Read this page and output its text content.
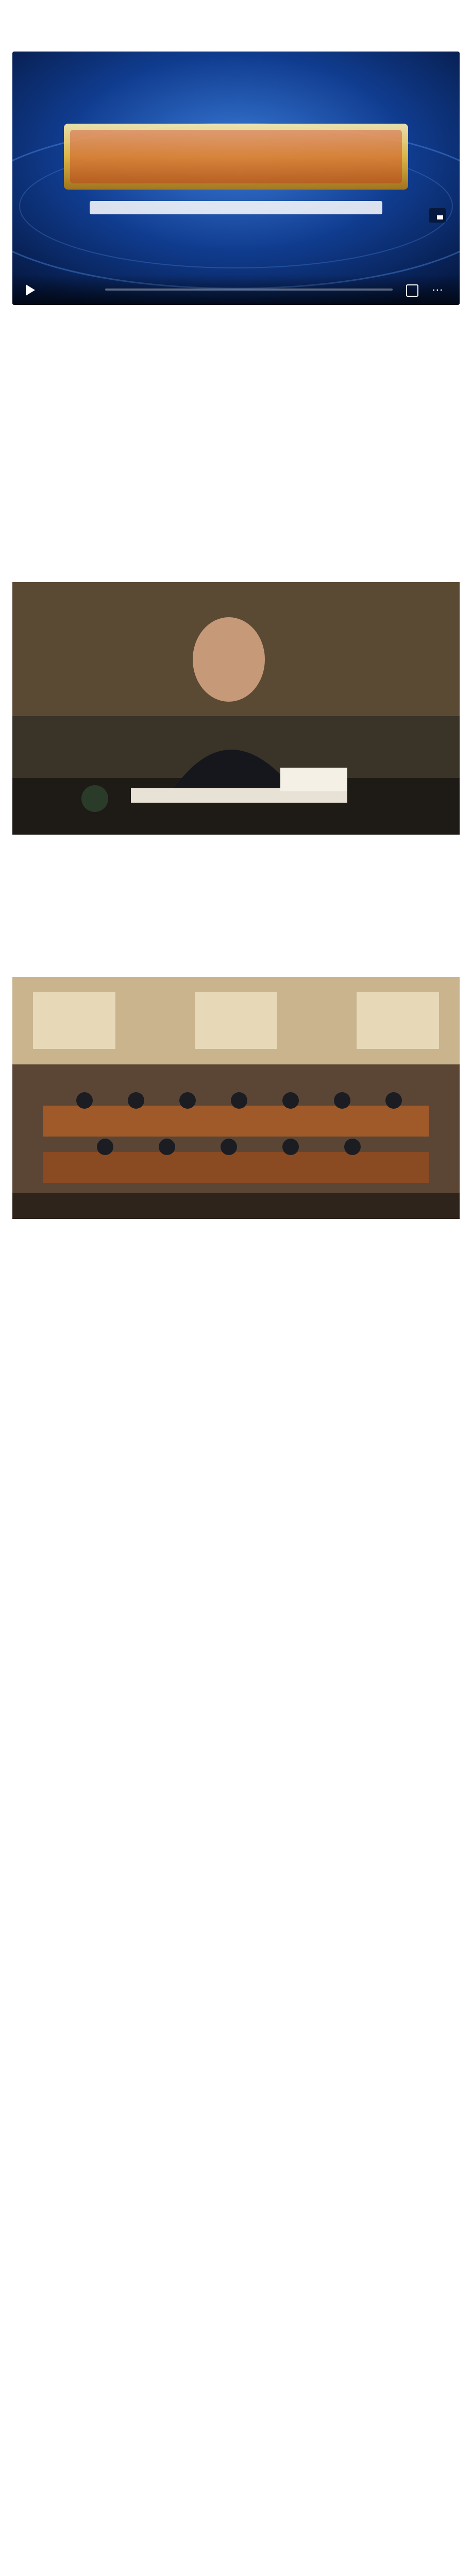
⋯
